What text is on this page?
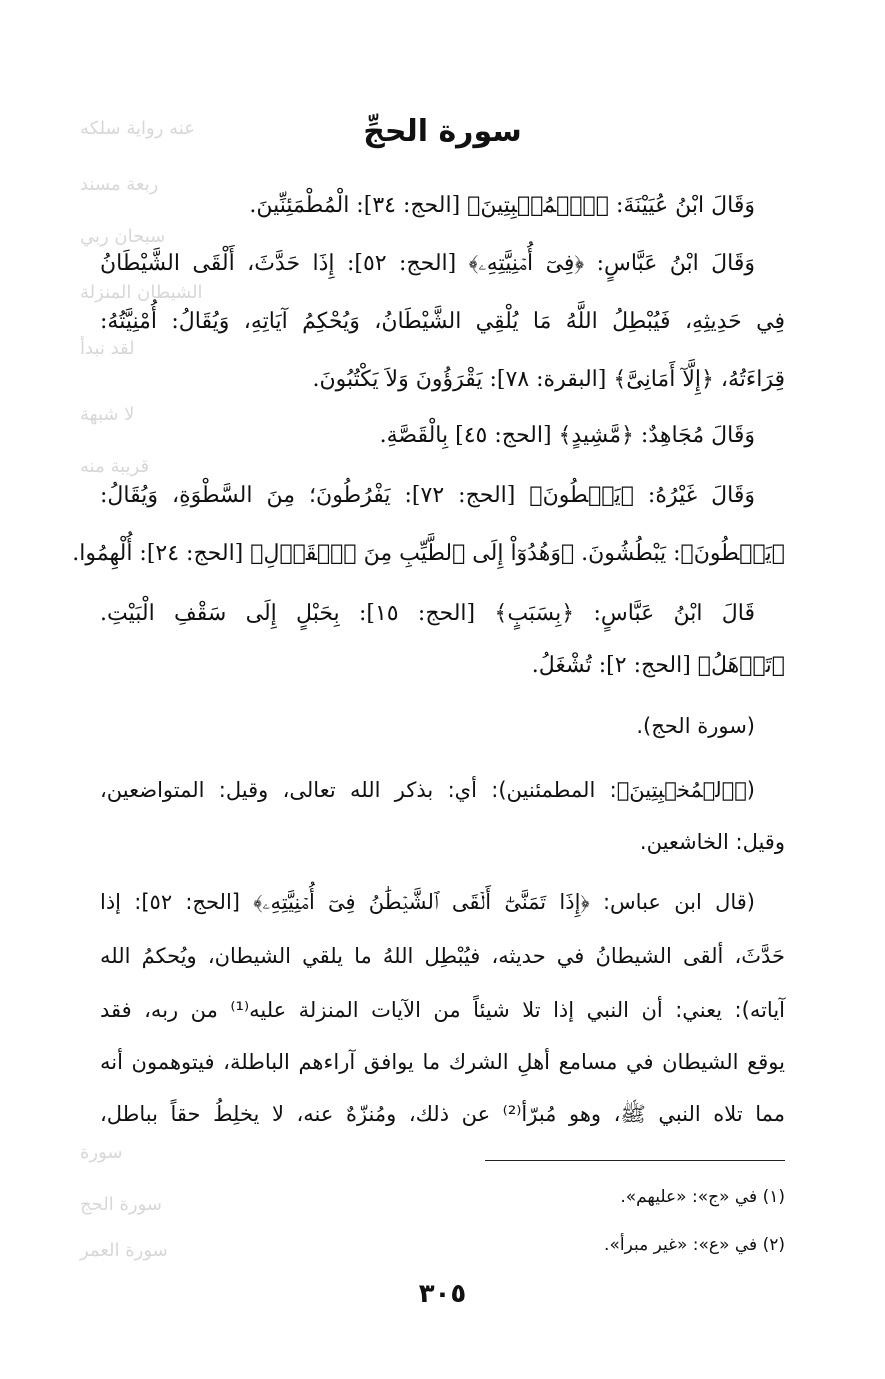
عنه رواية سلكه
ربعة مسند
سبحان ربي
الشيطان المنزلة
لقد نبدأ
لا شبهة
قريبة منه
سورة
سورة الحج
سورة العمر
سورة الحجِّ
وَقَالَ ابْنُ عُيَيْنَةَ: ﴿ٱلۡمُخۡبِتِينَ﴾ [الحج: ٣٤]: الْمُطْمَئِنِّينَ.
وَقَالَ ابْنُ عَبَّاسٍ: ﴿فِىٓ أُمۡنِيَّتِهِۦ﴾ [الحج: ٥٢]: إِذَا حَدَّثَ، أَلْقَى الشَّيْطَانُ
فِي حَدِيثِهِ، فَيُبْطِلُ اللَّهُ مَا يُلْقِي الشَّيْطَانُ، وَيُحْكِمُ آيَاتِهِ، وَيُقَالُ: أُمْنِيَّتُهُ:
قِرَاءَتُهُ، ﴿إِلَّآ أَمَانِىَّ﴾ [البقرة: ٧٨]: يَقْرَؤُونَ وَلاَ يَكْتُبُونَ.
وَقَالَ مُجَاهِدٌ: ﴿مَّشِيدٍ﴾ [الحج: ٤٥] بِالْقَصَّةِ.
وَقَالَ غَيْرُهُ: ﴿يَسۡطُونَ﴾ [الحج: ٧٢]: يَفْرُطُونَ؛ مِنَ السَّطْوَةِ، وَيُقَالُ:
﴿يَسۡطُونَ﴾: يَبْطُشُونَ. ﴿وَهُدُوٓاْ إِلَى ٱلطَّيِّبِ مِنَ ٱلۡقَوۡلِ﴾ [الحج: ٢٤]: أُلْهِمُوا.
قَالَ ابْنُ عَبَّاسٍ: ﴿بِسَبَبٍ﴾ [الحج: ١٥]: بِحَبْلٍ إِلَى سَقْفِ الْبَيْتِ.
﴿تَذۡهَلُ﴾ [الحج: ٢]: تُشْغَلُ.
(سورة الحج).
(﴿ٱلۡمُخۡبِتِينَ﴾: المطمئنين): أي: بذكر الله تعالى، وقيل: المتواضعين،
وقيل: الخاشعين.
(قال ابن عباس: ﴿إِذَا تَمَنَّىٰٓ أَلۡقَى ٱلشَّيۡطَٰنُ فِىٓ أُمۡنِيَّتِهِۦ﴾ [الحج: ٥٢]: إذا
حَدَّثَ، ألقى الشيطانُ في حديثه، فيُبْطِل اللهُ ما يلقي الشيطان، ويُحكمُ الله
آياته): يعني: أن النبي إذا تلا شيئاً من الآيات المنزلة عليه⁽¹⁾ من ربه، فقد
يوقع الشيطان في مسامع أهلِ الشرك ما يوافق آراءهم الباطلة، فيتوهمون أنه
مما تلاه النبي ﷺ، وهو مُبرّأ⁽²⁾ عن ذلك، ومُنزّهٌ عنه، لا يخلِطُ حقاً بباطل،
(١) في «ج»: «عليهم».
(٢) في «ع»: «غير مبرأ».
٣٠٥
